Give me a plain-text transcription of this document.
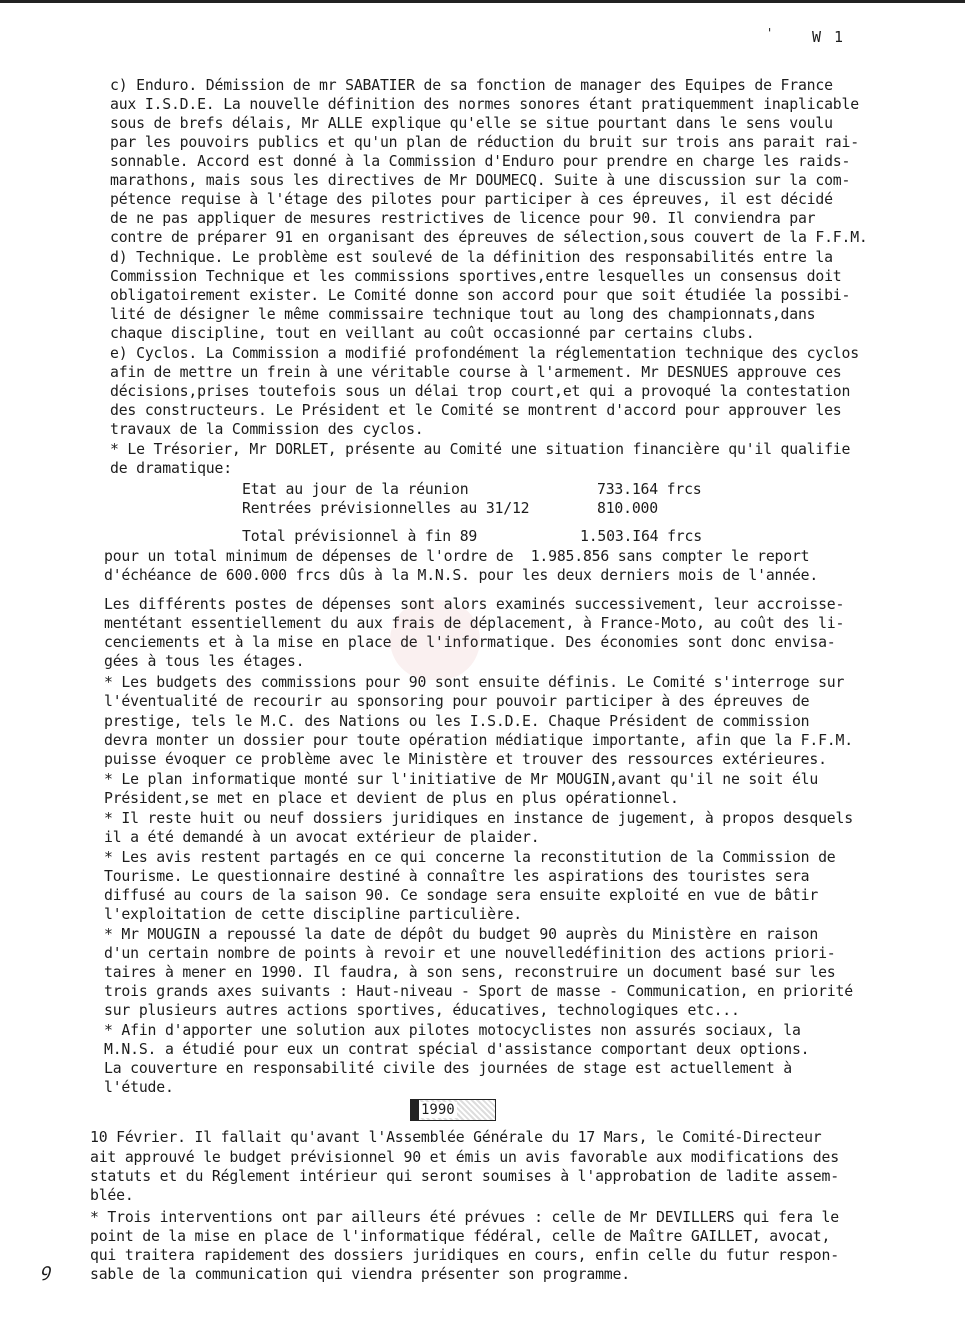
'	W 1
c) Enduro. Démission de mr SABATIER de sa fonction de manager des Equipes de France
aux I.S.D.E. La nouvelle définition des normes sonores étant pratiquemment inaplicable
sous de brefs délais, Mr ALLE explique qu'elle se situe pourtant dans le sens voulu
par les pouvoirs publics et qu'un plan de réduction du bruit sur trois ans parait rai-
sonnable. Accord est donné à la Commission d'Enduro pour prendre en charge les raids-
marathons, mais sous les directives de Mr DOUMECQ. Suite à une discussion sur la com-
pétence requise à l'étage des pilotes pour participer à ces épreuves, il est décidé
de ne pas appliquer de mesures restrictives de licence pour 90. Il conviendra par
contre de préparer 91 en organisant des épreuves de sélection,sous couvert de la F.F.M.
d) Technique. Le problème est soulevé de la définition des responsabilités entre la
Commission Technique et les commissions sportives,entre lesquelles un consensus doit
obligatoirement exister. Le Comité donne son accord pour que soit étudiée la possibi-
lité de désigner le même commissaire technique tout au long des championnats,dans
chaque discipline, tout en veillant au coût occasionné par certains clubs.
e) Cyclos. La Commission a modifié profondément la réglementation technique des cyclos
afin de mettre un frein à une véritable course à l'armement. Mr DESNUES approuve ces
décisions,prises toutefois sous un délai trop court,et qui a provoqué la contestation
des constructeurs. Le Président et le Comité se montrent d'accord pour approuver les
travaux de la Commission des cyclos.
* Le Trésorier, Mr DORLET, présente au Comité une situation financière qu'il qualifie
de dramatique:
Etat au jour de la réunion	733.164 frcs
Rentrées prévisionnelles au 31/12	810.000
Total prévisionnel à fin 89	1.503.I64 frcs
pour un total minimum de dépenses de l'ordre de  1.985.856 sans compter le report
d'échéance de 600.000 frcs dûs à la M.N.S. pour les deux derniers mois de l'année.
Les différents postes de dépenses sont alors examinés successivement, leur accroisse-
mentétant essentiellement du aux frais de déplacement, à France-Moto, au coût des li-
cenciements et à la mise en place de l'informatique. Des économies sont donc envisa-
gées à tous les étages.
* Les budgets des commissions pour 90 sont ensuite définis. Le Comité s'interroge sur
l'éventualité de recourir au sponsoring pour pouvoir participer à des épreuves de
prestige, tels le M.C. des Nations ou les I.S.D.E. Chaque Président de commission
devra monter un dossier pour toute opération médiatique importante, afin que la F.F.M.
puisse évoquer ce problème avec le Ministère et trouver des ressources extérieures.
* Le plan informatique monté sur l'initiative de Mr MOUGIN,avant qu'il ne soit élu
Président,se met en place et devient de plus en plus opérationnel.
* Il reste huit ou neuf dossiers juridiques en instance de jugement, à propos desquels
il a été demandé à un avocat extérieur de plaider.
* Les avis restent partagés en ce qui concerne la reconstitution de la Commission de
Tourisme. Le questionnaire destiné à connaître les aspirations des touristes sera
diffusé au cours de la saison 90. Ce sondage sera ensuite exploité en vue de bâtir
l'exploitation de cette discipline particulière.
* Mr MOUGIN a repoussé la date de dépôt du budget 90 auprès du Ministère en raison
d'un certain nombre de points à revoir et une nouvelledéfinition des actions priori-
taires à mener en 1990. Il faudra, à son sens, reconstruire un document basé sur les
trois grands axes suivants : Haut-niveau - Sport de masse - Communication, en priorité
sur plusieurs autres actions sportives, éducatives, technologiques etc...
* Afin d'apporter une solution aux pilotes motocyclistes non assurés sociaux, la
M.N.S. a étudié pour eux un contrat spécial d'assistance comportant deux options.
La couverture en responsabilité civile des journées de stage est actuellement à
l'étude.
1990
10 Février. Il fallait qu'avant l'Assemblée Générale du 17 Mars, le Comité-Directeur
ait approuvé le budget prévisionnel 90 et émis un avis favorable aux modifications des
statuts et du Réglement intérieur qui seront soumises à l'approbation de ladite assem-
blée.
* Trois interventions ont par ailleurs été prévues : celle de Mr DEVILLERS qui fera le
point de la mise en place de l'informatique fédéral, celle de Maître GAILLET, avocat,
qui traitera rapidement des dossiers juridiques en cours, enfin celle du futur respon-
sable de la communication qui viendra présenter son programme.
ꝯ
